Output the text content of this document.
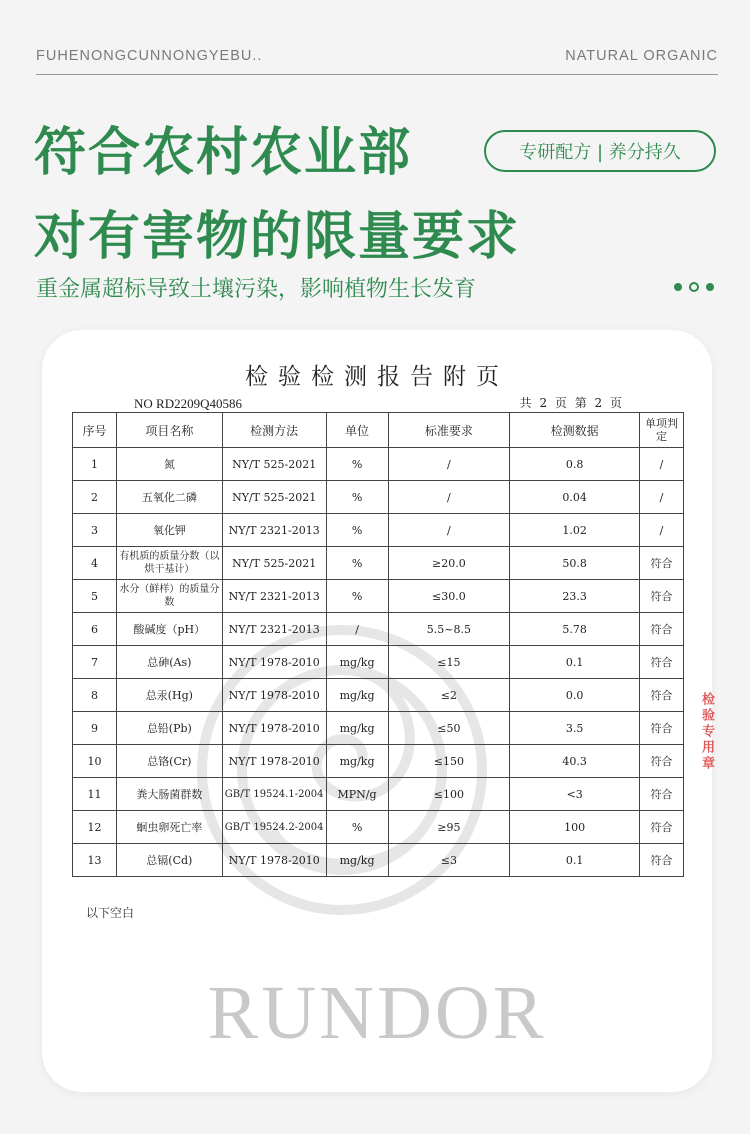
FUHENONGCUNNONGYEBU..	NATURAL ORGANIC
符合农村农业部
对有害物的限量要求
专研配方 | 养分持久
重金属超标导致土壤污染，影响植物生长发育
检验检测报告附页
NO RD2209Q40586	共 2 页 第 2 页
序号	项目名称	检测方法	单位	标准要求	检测数据	单项判定
1	氮	NY/T 525-2021	%	/	0.8	/
2	五氧化二磷	NY/T 525-2021	%	/	0.04	/
3	氧化钾	NY/T 2321-2013	%	/	1.02	/
4	有机质的质量分数（以烘干基计）	NY/T 525-2021	%	≥20.0	50.8	符合
5	水分（鲜样）的质量分数	NY/T 2321-2013	%	≤30.0	23.3	符合
6	酸碱度（pH）	NY/T 2321-2013	/	5.5~8.5	5.78	符合
7	总砷(As)	NY/T 1978-2010	mg/kg	≤15	0.1	符合
8	总汞(Hg)	NY/T 1978-2010	mg/kg	≤2	0.0	符合
9	总铅(Pb)	NY/T 1978-2010	mg/kg	≤50	3.5	符合
10	总铬(Cr)	NY/T 1978-2010	mg/kg	≤150	40.3	符合
11	粪大肠菌群数	GB/T 19524.1-2004	MPN/g	≤100	<3	符合
12	蛔虫卵死亡率	GB/T 19524.2-2004	%	≥95	100	符合
13	总镉(Cd)	NY/T 1978-2010	mg/kg	≤3	0.1	符合
以下空白
RUNDOR
检验专用章
